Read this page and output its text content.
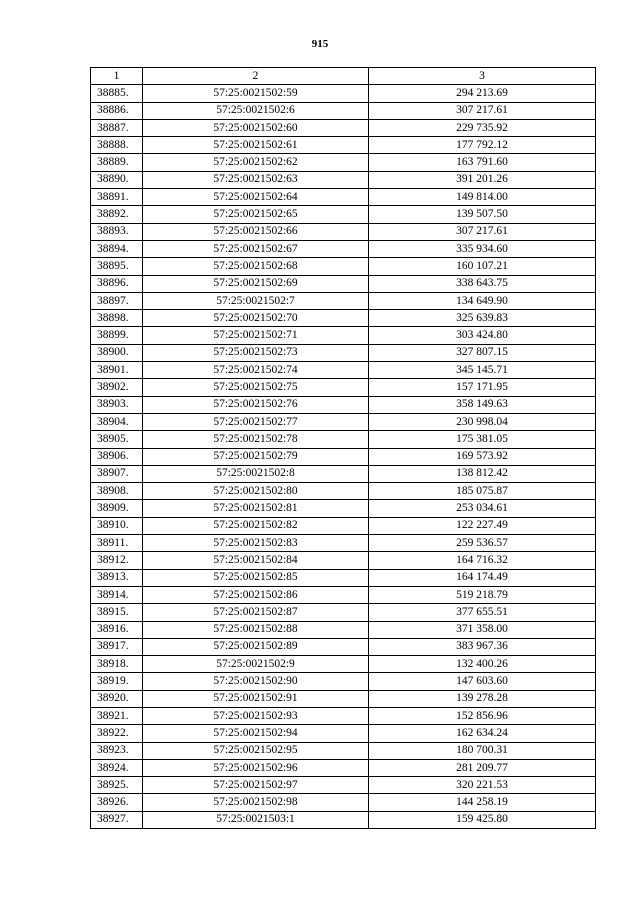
915
1	2	3
38885.	57:25:0021502:59	294 213.69
38886.	57:25:0021502:6	307 217.61
38887.	57:25:0021502:60	229 735.92
38888.	57:25:0021502:61	177 792.12
38889.	57:25:0021502:62	163 791.60
38890.	57:25:0021502:63	391 201.26
38891.	57:25:0021502:64	149 814.00
38892.	57:25:0021502:65	139 507.50
38893.	57:25:0021502:66	307 217.61
38894.	57:25:0021502:67	335 934.60
38895.	57:25:0021502:68	160 107.21
38896.	57:25:0021502:69	338 643.75
38897.	57:25:0021502:7	134 649.90
38898.	57:25:0021502:70	325 639.83
38899.	57:25:0021502:71	303 424.80
38900.	57:25:0021502:73	327 807.15
38901.	57:25:0021502:74	345 145.71
38902.	57:25:0021502:75	157 171.95
38903.	57:25:0021502:76	358 149.63
38904.	57:25:0021502:77	230 998.04
38905.	57:25:0021502:78	175 381.05
38906.	57:25:0021502:79	169 573.92
38907.	57:25:0021502:8	138 812.42
38908.	57:25:0021502:80	185 075.87
38909.	57:25:0021502:81	253 034.61
38910.	57:25:0021502:82	122 227.49
38911.	57:25:0021502:83	259 536.57
38912.	57:25:0021502:84	164 716.32
38913.	57:25:0021502:85	164 174.49
38914.	57:25:0021502:86	519 218.79
38915.	57:25:0021502:87	377 655.51
38916.	57:25:0021502:88	371 358.00
38917.	57:25:0021502:89	383 967.36
38918.	57:25:0021502:9	132 400.26
38919.	57:25:0021502:90	147 603.60
38920.	57:25:0021502:91	139 278.28
38921.	57:25:0021502:93	152 856.96
38922.	57:25:0021502:94	162 634.24
38923.	57:25:0021502:95	180 700.31
38924.	57:25:0021502:96	281 209.77
38925.	57:25:0021502:97	320 221.53
38926.	57:25:0021502:98	144 258.19
38927.	57:25:0021503:1	159 425.80
